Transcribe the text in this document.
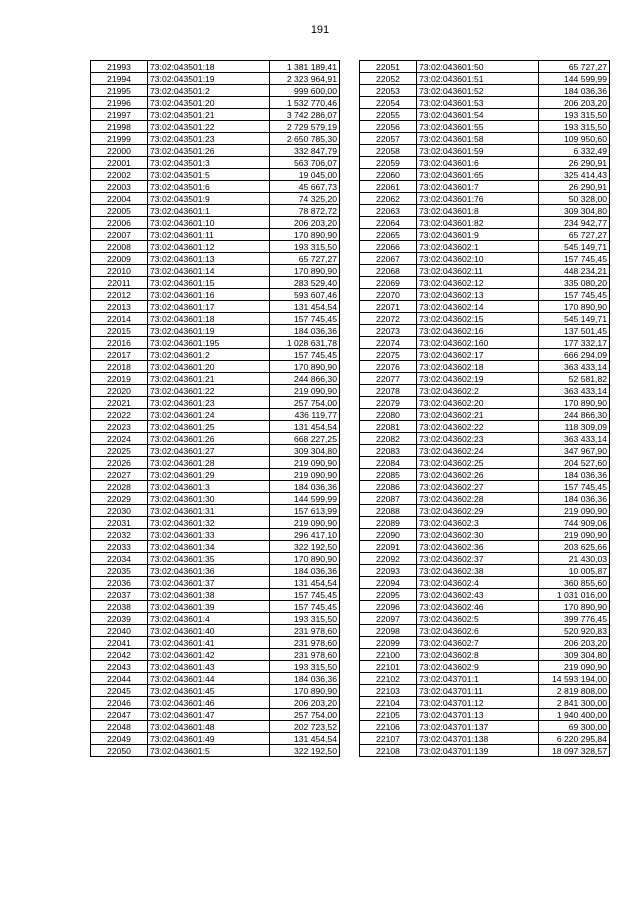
191
21993	73:02:043501:18	1 381 189,41
21994	73:02:043501:19	2 323 964,91
21995	73:02:043501:2	999 600,00
21996	73:02:043501:20	1 532 770,46
21997	73:02:043501:21	3 742 286,07
21998	73:02:043501:22	2 729 579,19
21999	73:02:043501:23	2 650 785,30
22000	73:02:043501:26	332 847,79
22001	73:02:043501:3	563 706,07
22002	73:02:043501:5	19 045,00
22003	73:02:043501:6	45 667,73
22004	73:02:043501:9	74 325,20
22005	73:02:043601:1	78 872,72
22006	73:02:043601:10	206 203,20
22007	73:02:043601:11	170 890,90
22008	73:02:043601:12	193 315,50
22009	73:02:043601:13	65 727,27
22010	73:02:043601:14	170 890,90
22011	73:02:043601:15	283 529,40
22012	73:02:043601:16	593 607,46
22013	73:02:043601:17	131 454,54
22014	73:02:043601:18	157 745,45
22015	73:02:043601:19	184 036,36
22016	73:02:043601:195	1 028 631,78
22017	73:02:043601:2	157 745,45
22018	73:02:043601:20	170 890,90
22019	73:02:043601:21	244 866,30
22020	73:02:043601:22	219 090,90
22021	73:02:043601:23	257 754,00
22022	73:02:043601:24	436 119,77
22023	73:02:043601:25	131 454,54
22024	73:02:043601:26	668 227,25
22025	73:02:043601:27	309 304,80
22026	73:02:043601:28	219 090,90
22027	73:02:043601:29	219 090,90
22028	73:02:043601:3	184 036,36
22029	73:02:043601:30	144 599,99
22030	73:02:043601:31	157 613,99
22031	73:02:043601:32	219 090,90
22032	73:02:043601:33	296 417,10
22033	73:02:043601:34	322 192,50
22034	73:02:043601:35	170 890,90
22035	73:02:043601:36	184 036,36
22036	73:02:043601:37	131 454,54
22037	73:02:043601:38	157 745,45
22038	73:02:043601:39	157 745,45
22039	73:02:043601:4	193 315,50
22040	73:02:043601:40	231 978,60
22041	73:02:043601:41	231 978,60
22042	73:02:043601:42	231 978,60
22043	73:02:043601:43	193 315,50
22044	73:02:043601:44	184 036,36
22045	73:02:043601:45	170 890,90
22046	73:02:043601:46	206 203,20
22047	73:02:043601:47	257 754,00
22048	73:02:043601:48	202 723,52
22049	73:02:043601:49	131 454,54
22050	73:02:043601:5	322 192,50
22051	73:02:043601:50	65 727,27
22052	73:02:043601:51	144 599,99
22053	73:02:043601:52	184 036,36
22054	73:02:043601:53	206 203,20
22055	73:02:043601:54	193 315,50
22056	73:02:043601:55	193 315,50
22057	73:02:043601:58	109 950,60
22058	73:02:043601:59	6 332,49
22059	73:02:043601:6	26 290,91
22060	73:02:043601:65	325 414,43
22061	73:02:043601:7	26 290,91
22062	73:02:043601:76	50 328,00
22063	73:02:043601:8	309 304,80
22064	73:02:043601:82	234 942,77
22065	73:02:043601:9	65 727,27
22066	73:02:043602:1	545 149,71
22067	73:02:043602:10	157 745,45
22068	73:02:043602:11	448 234,21
22069	73:02:043602:12	335 080,20
22070	73:02:043602:13	157 745,45
22071	73:02:043602:14	170 890,90
22072	73:02:043602:15	545 149,71
22073	73:02:043602:16	137 501,45
22074	73:02:043602:160	177 332,17
22075	73:02:043602:17	666 294,09
22076	73:02:043602:18	363 433,14
22077	73:02:043602:19	52 581,82
22078	73:02:043602:2	363 433,14
22079	73:02:043602:20	170 890,90
22080	73:02:043602:21	244 866,30
22081	73:02:043602:22	118 309,09
22082	73:02:043602:23	363 433,14
22083	73:02:043602:24	347 967,90
22084	73:02:043602:25	204 527,60
22085	73:02:043602:26	184 036,36
22086	73:02:043602:27	157 745,45
22087	73:02:043602:28	184 036,36
22088	73:02:043602:29	219 090,90
22089	73:02:043602:3	744 909,06
22090	73:02:043602:30	219 090,90
22091	73:02:043602:36	203 625,66
22092	73:02:043602:37	21 430,03
22093	73:02:043602:38	10 005,87
22094	73:02:043602:4	360 855,60
22095	73:02:043602:43	1 031 016,00
22096	73:02:043602:46	170 890,90
22097	73:02:043602:5	399 776,45
22098	73:02:043602:6	520 920,83
22099	73:02:043602:7	206 203,20
22100	73:02:043602:8	309 304,80
22101	73:02:043602:9	219 090,90
22102	73:02:043701:1	14 593 194,00
22103	73:02:043701:11	2 819 808,00
22104	73:02:043701:12	2 841 300,00
22105	73:02:043701:13	1 940 400,00
22106	73:02:043701:137	69 300,00
22107	73:02:043701:138	6 220 295,84
22108	73:02:043701:139	18 097 328,57
